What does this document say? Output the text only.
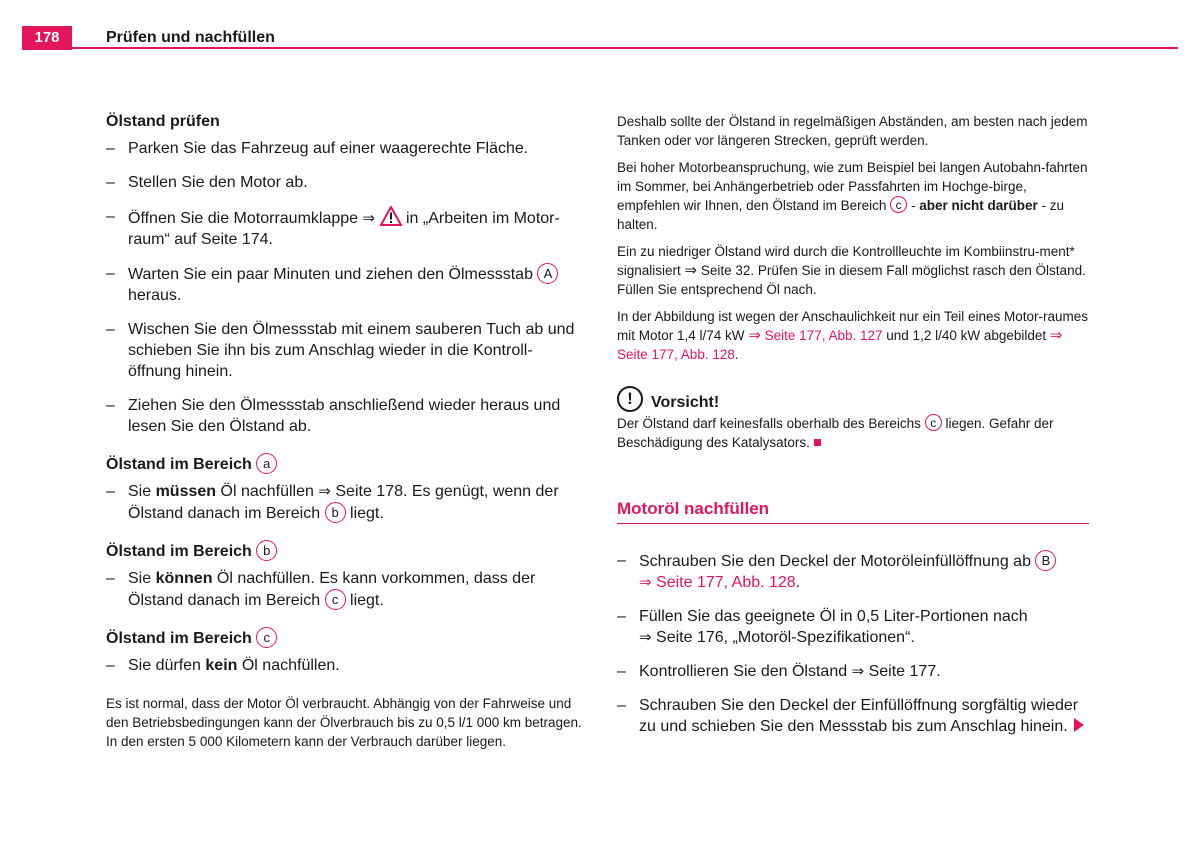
178	Prüfen und nachfüllen
Ölstand prüfen
– Parken Sie das Fahrzeug auf einer waagerechte Fläche.
– Stellen Sie den Motor ab.
– Öffnen Sie die Motorraumklappe ⇒ in „Arbeiten im Motor-raum“ auf Seite 174.
– Warten Sie ein paar Minuten und ziehen den Ölmessstab A heraus.
– Wischen Sie den Ölmessstab mit einem sauberen Tuch ab und schieben Sie ihn bis zum Anschlag wieder in die Kontroll-öffnung hinein.
– Ziehen Sie den Ölmessstab anschließend wieder heraus und lesen Sie den Ölstand ab.
Ölstand im Bereich a
– Sie müssen Öl nachfüllen ⇒ Seite 178. Es genügt, wenn der Ölstand danach im Bereich b liegt.
Ölstand im Bereich b
– Sie können Öl nachfüllen. Es kann vorkommen, dass der Ölstand danach im Bereich c liegt.
Ölstand im Bereich c
– Sie dürfen kein Öl nachfüllen.

Es ist normal, dass der Motor Öl verbraucht. Abhängig von der Fahrweise und den Betriebsbedingungen kann der Ölverbrauch bis zu 0,5 l/1 000 km betragen. In den ersten 5 000 Kilometern kann der Verbrauch darüber liegen.

Deshalb sollte der Ölstand in regelmäßigen Abständen, am besten nach jedem Tanken oder vor längeren Strecken, geprüft werden.

Bei hoher Motorbeanspruchung, wie zum Beispiel bei langen Autobahn-fahrten im Sommer, bei Anhängerbetrieb oder Passfahrten im Hochge-birge, empfehlen wir Ihnen, den Ölstand im Bereich c - aber nicht darüber - zu halten.

Ein zu niedriger Ölstand wird durch die Kontrollleuchte im Kombiinstru-ment* signalisiert ⇒ Seite 32. Prüfen Sie in diesem Fall möglichst rasch den Ölstand. Füllen Sie entsprechend Öl nach.

In der Abbildung ist wegen der Anschaulichkeit nur ein Teil eines Motor-raumes mit Motor 1,4 l/74 kW ⇒ Seite 177, Abb. 127 und 1,2 l/40 kW abgebildet ⇒ Seite 177, Abb. 128.

!	Vorsicht!

Der Ölstand darf keinesfalls oberhalb des Bereichs c liegen. Gefahr der Beschädigung des Katalysators.

Motoröl nachfüllen
– Schrauben Sie den Deckel der Motoröleinfüllöffnung ab B
⇒ Seite 177, Abb. 128.
– Füllen Sie das geeignete Öl in 0,5 Liter-Portionen nach
⇒ Seite 176, „Motoröl-Spezifikationen“.
– Kontrollieren Sie den Ölstand ⇒ Seite 177.
– Schrauben Sie den Deckel der Einfüllöffnung sorgfältig wieder zu und schieben Sie den Messstab bis zum Anschlag hinein.
